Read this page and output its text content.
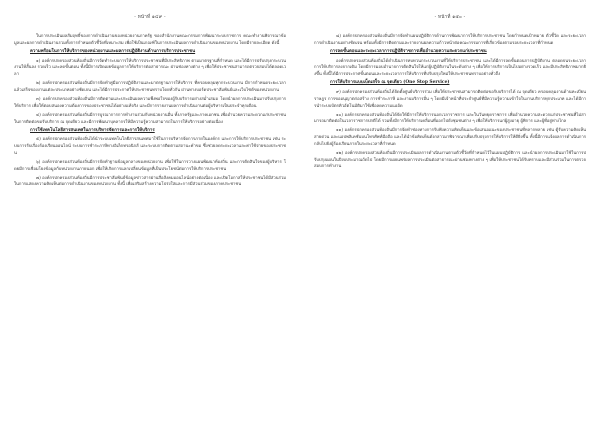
- หน้าที่ ๑๔๙ -
ในการประเมินผลสัมฤทธิ์ของการดำเนินงานของหน่วยงานภาครัฐ ของสำนักงานคณะกรรมการพัฒนาระบบราชการ คณะทำงานพิจารณาข้อมูลและผลการดำเนินงานรวมทั้งการกำหนดตัวชี้วัดที่เหมาะสม เพื่อใช้เป็นเกณฑ์ในการประเมินผลการดำเนินงานของหน่วยงาน โดยมีรายละเอียด ดังนี้
ความพร้อมในการให้บริการของหน่วยงานและผลการปฏิบัติงานด้านการบริการประชาชน
๑) องค์กรปกครองส่วนท้องถิ่นมีการจัดทำระบบการให้บริการประชาชนที่มีประสิทธิภาพ ตามมาตรฐานที่กำหนด และได้มีการปรับปรุงกระบวนงานให้สั้นลง รวดเร็ว และลดขั้นตอน ทั้งนี้มีการเปิดเผยข้อมูลการให้บริการต่อสาธารณะ ผ่านช่องทางต่าง ๆ เพื่อให้ประชาชนสามารถตรวจสอบได้ตลอดเวลา
๒) องค์กรปกครองส่วนท้องถิ่นมีการจัดทำคู่มือการปฏิบัติงานและมาตรฐานการให้บริการ ที่ครอบคลุมทุกกระบวนงาน มีการกำหนดระยะเวลาแล้วเสร็จของงานแต่ละประเภทอย่างชัดเจน และได้มีการประกาศให้ประชาชนทราบโดยทั่วกัน ผ่านทางบอร์ดประชาสัมพันธ์และเว็บไซต์ของหน่วยงาน
๓) องค์กรปกครองส่วนท้องถิ่นมีการติดตามและประเมินผลความพึงพอใจของผู้รับบริการอย่างสม่ำเสมอ โดยนำผลการประเมินมาปรับปรุงการให้บริการ เพื่อให้ตอบสนองความต้องการของประชาชนได้อย่างแท้จริง และมีการรายงานผลการดำเนินงานต่อผู้บริหารเป็นประจำทุกเดือน
๔) องค์กรปกครองส่วนท้องถิ่นมีการบูรณาการการทำงานร่วมกับหน่วยงานอื่น ทั้งภาครัฐและภาคเอกชน เพื่ออำนวยความสะดวกแก่ประชาชนในการติดต่อขอรับบริการ ณ จุดเดียว และมีการพัฒนาบุคลากรให้มีความรู้ความสามารถในการให้บริการอย่างต่อเนื่อง
การใช้เทคโนโลยีสารสนเทศในการบริหารจัดการและการให้บริการ
๕) องค์กรปกครองส่วนท้องถิ่นได้นำระบบเทคโนโลยีสารสนเทศมาใช้ในการบริหารจัดการภายในองค์กร และการให้บริการประชาชน เช่น ระบบการรับเรื่องร้องเรียนออนไลน์ ระบบการชำระภาษีทางอิเล็กทรอนิกส์ และระบบการติดตามสถานะคำขอ ซึ่งช่วยลดระยะเวลาและค่าใช้จ่ายของประชาชน
๖) องค์กรปกครองส่วนท้องถิ่นมีการจัดทำฐานข้อมูลกลางของหน่วยงาน เพื่อใช้ในการวางแผนพัฒนาท้องถิ่น และการตัดสินใจของผู้บริหาร โดยมีการเชื่อมโยงข้อมูลกับหน่วยงานภายนอก เพื่อให้เกิดการแลกเปลี่ยนข้อมูลที่เป็นประโยชน์ต่อการให้บริการประชาชน
๗) องค์กรปกครองส่วนท้องถิ่นมีการประชาสัมพันธ์ข้อมูลข่าวสารผ่านสื่อสังคมออนไลน์อย่างต่อเนื่อง และเปิดโอกาสให้ประชาชนได้มีส่วนร่วมในการแสดงความคิดเห็นต่อการดำเนินงานของหน่วยงาน ทั้งนี้ เพื่อเสริมสร้างความโปร่งใสและการมีส่วนร่วมของภาคประชาชน
- หน้าที่ ๑๕๐ -
๘) องค์กรปกครองส่วนท้องถิ่นมีการจัดทำแผนปฏิบัติการด้านการพัฒนาการให้บริการประชาชน โดยกำหนดเป้าหมาย ตัวชี้วัด และระยะเวลาการดำเนินงานอย่างชัดเจน พร้อมทั้งมีการติดตามและรายงานผลความก้าวหน้าต่อคณะกรรมการที่เกี่ยวข้องตามรอบระยะเวลาที่กำหนด
การลดขั้นตอนและระยะเวลาการปฏิบัติราชการเพื่ออำนวยความสะดวกแก่ประชาชน
องค์กรปกครองส่วนท้องถิ่นได้ดำเนินการทบทวนกระบวนงานที่ให้บริการประชาชน และได้มีการลดขั้นตอนการปฏิบัติงาน ตลอดจนระยะเวลาการให้บริการลงจากเดิม โดยมีการมอบอำนาจการตัดสินใจให้แก่ผู้ปฏิบัติงานในระดับต่าง ๆ เพื่อให้การบริการเป็นไปอย่างรวดเร็ว และมีประสิทธิภาพมากยิ่งขึ้น ทั้งนี้ได้มีการประกาศขั้นตอนและระยะเวลาการให้บริการที่ปรับปรุงใหม่ให้ประชาชนทราบอย่างทั่วถึง
การให้บริการแบบเบ็ดเสร็จ ณ จุดเดียว (One Stop Service)
๙) องค์กรปกครองส่วนท้องถิ่นได้จัดตั้งศูนย์บริการร่วม เพื่อให้ประชาชนสามารถติดต่อขอรับบริการได้ ณ จุดเดียว ครอบคลุมงานด้านทะเบียนราษฎร การขออนุญาตก่อสร้าง การชำระภาษี และงานบริการอื่น ๆ โดยมีเจ้าหน้าที่ประจำศูนย์ที่มีความรู้ความเข้าใจในงานบริการทุกประเภท และได้มีการนำระบบบัตรคิวอัตโนมัติมาใช้เพื่อลดความแออัด
๑๐) องค์กรปกครองส่วนท้องถิ่นได้จัดให้มีการให้บริการนอกเวลาราชการ และในวันหยุดราชการ เพื่ออำนวยความสะดวกแก่ประชาชนที่ไม่สามารถมาติดต่อในเวลาราชการปกติได้ รวมทั้งมีการให้บริการเคลื่อนที่ออกไปยังชุมชนต่าง ๆ เพื่อให้บริการแก่ผู้สูงอายุ ผู้พิการ และผู้ที่อยู่ห่างไกล
๑๑) องค์กรปกครองส่วนท้องถิ่นมีการจัดทำช่องทางการรับฟังความคิดเห็นและข้อเสนอแนะของประชาชนที่หลากหลาย เช่น ตู้รับความคิดเห็น สายด่วน และแอปพลิเคชันบนโทรศัพท์มือถือ และได้นำข้อคิดเห็นดังกล่าวมาพิจารณาเพื่อปรับปรุงการให้บริการให้ดียิ่งขึ้น ทั้งนี้มีการแจ้งผลการดำเนินการกลับไปยังผู้ร้องเรียนภายในระยะเวลาที่กำหนด
๑๒) องค์กรปกครองส่วนท้องถิ่นมีการประเมินผลการดำเนินงานตามตัวชี้วัดที่กำหนดไว้ในแผนปฏิบัติการ และนำผลการประเมินมาใช้ในการปรับปรุงแผนในปีงบประมาณถัดไป โดยมีการเผยแพร่ผลการประเมินต่อสาธารณะผ่านช่องทางต่าง ๆ เพื่อให้ประชาชนได้รับทราบและมีส่วนร่วมในการตรวจสอบการทำงาน
